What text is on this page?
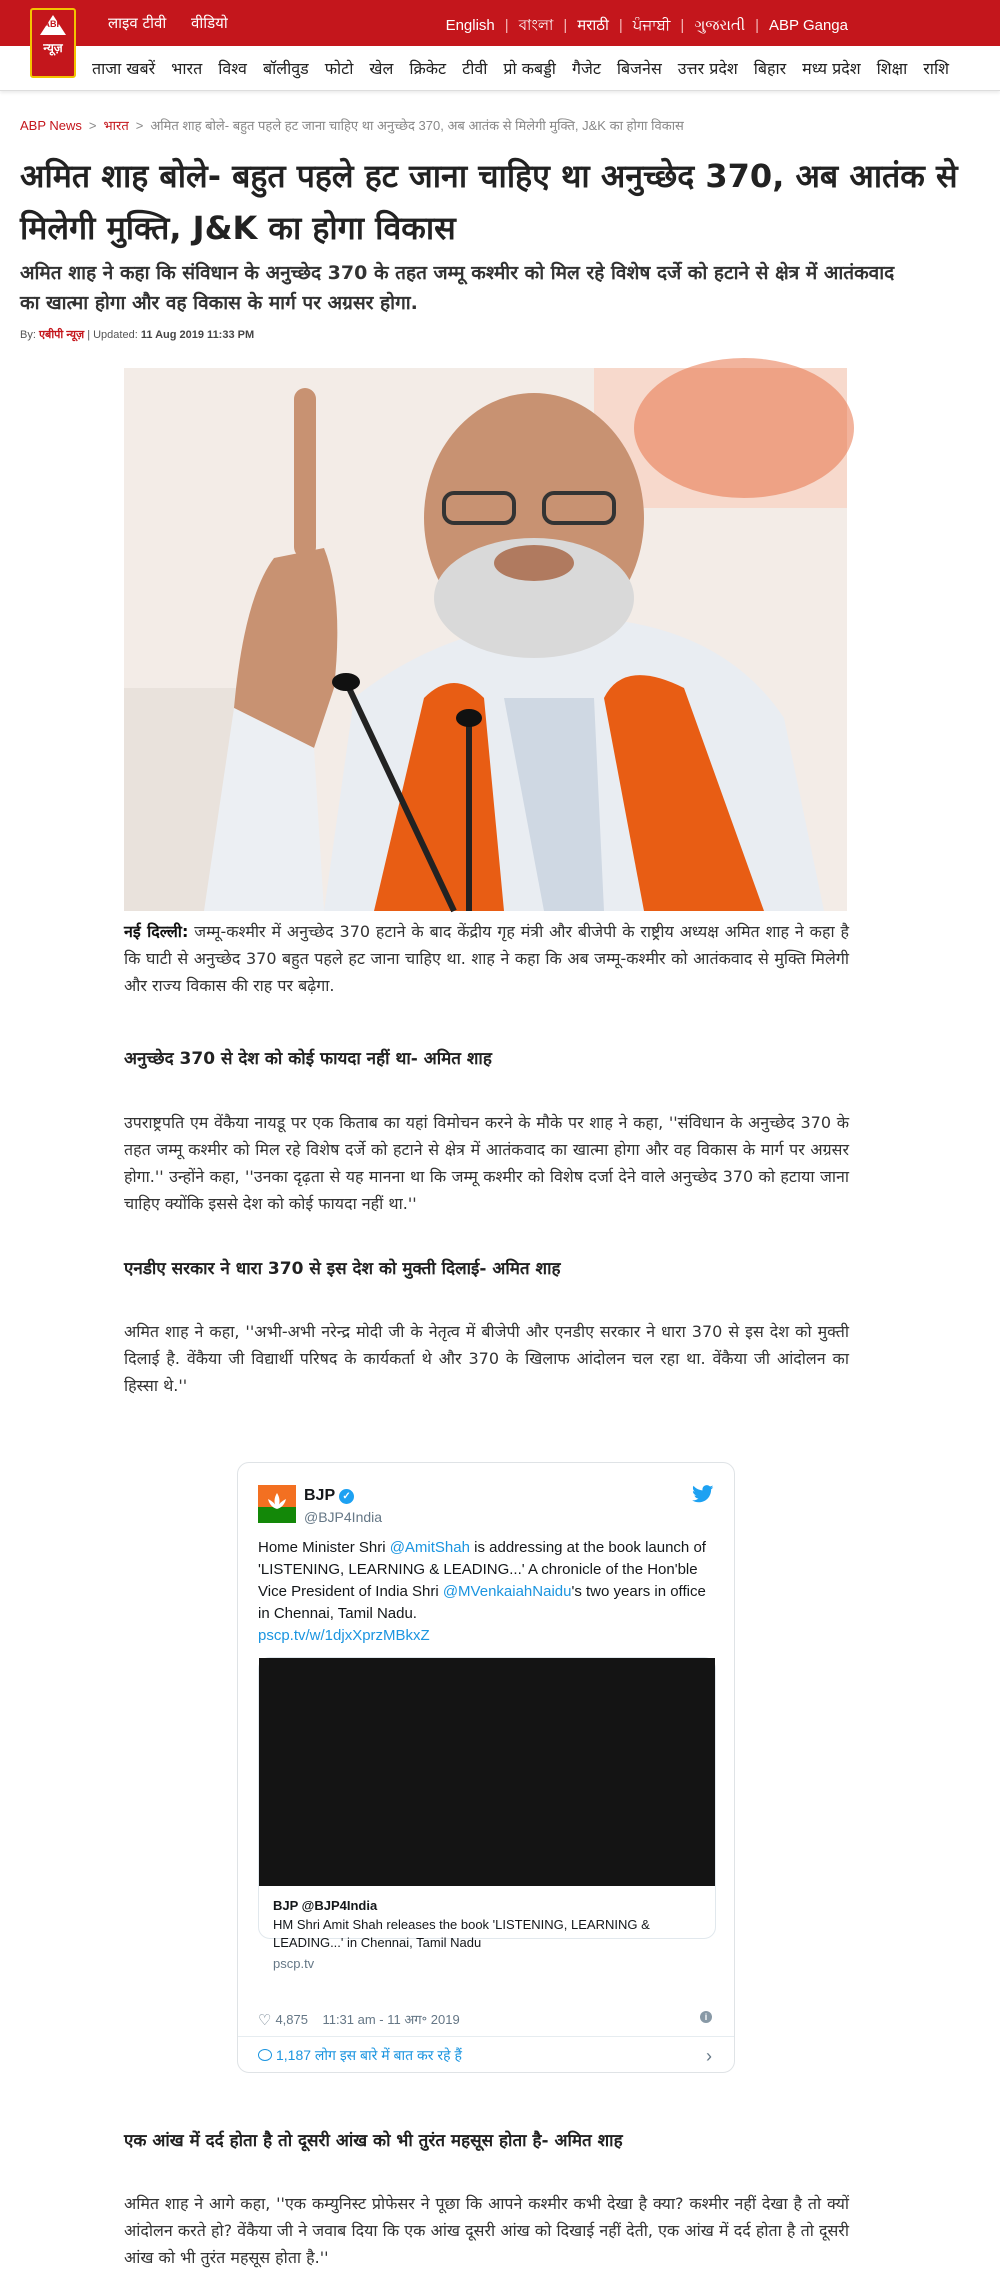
लाइव टीवी वीडियो	English | বাংলা | मराठी | ਪੰਜਾਬੀ | ગુજરાતી | ABP Ganga
ABP
न्यूज़
ताजा खबरें भारत विश्व बॉलीवुड फोटो खेल क्रिकेट टीवी प्रो कबड्डी गैजेट बिजनेस उत्तर प्रदेश बिहार मध्य प्रदेश शिक्षा राशि
ABP News > भारत > अमित शाह बोले- बहुत पहले हट जाना चाहिए था अनुच्छेद 370, अब आतंक से मिलेगी मुक्ति, J&K का होगा विकास
अमित शाह बोले- बहुत पहले हट जाना चाहिए था अनुच्छेद 370, अब आतंक से मिलेगी मुक्ति, J&K का होगा विकास

अमित शाह ने कहा कि संविधान के अनुच्छेद 370 के तहत जम्मू कश्मीर को मिल रहे विशेष दर्जे को हटाने से क्षेत्र में आतंकवाद का खात्मा होगा और वह विकास के मार्ग पर अग्रसर होगा.

By: एबीपी न्यूज़ | Updated: 11 Aug 2019 11:33 PM

नई दिल्ली: जम्मू-कश्मीर में अनुच्छेद 370 हटाने के बाद केंद्रीय गृह मंत्री और बीजेपी के राष्ट्रीय अध्यक्ष अमित शाह ने कहा है कि घाटी से अनुच्छेद 370 बहुत पहले हट जाना चाहिए था. शाह ने कहा कि अब जम्मू-कश्मीर को आतंकवाद से मुक्ति मिलेगी और राज्य विकास की राह पर बढ़ेगा.

अनुच्छेद 370 से देश को कोई फायदा नहीं था- अमित शाह

उपराष्ट्रपति एम वेंकैया नायडू पर एक किताब का यहां विमोचन करने के मौके पर शाह ने कहा, ''संविधान के अनुच्छेद 370 के तहत जम्मू कश्मीर को मिल रहे विशेष दर्जे को हटाने से क्षेत्र में आतंकवाद का खात्मा होगा और वह विकास के मार्ग पर अग्रसर होगा.'' उन्होंने कहा, ''उनका दृढ़ता से यह मानना था कि जम्मू कश्मीर को विशेष दर्जा देने वाले अनुच्छेद 370 को हटाया जाना चाहिए क्योंकि इससे देश को कोई फायदा नहीं था.''

एनडीए सरकार ने धारा 370 से इस देश को मुक्ती दिलाई- अमित शाह

अमित शाह ने कहा, ''अभी-अभी नरेन्द्र मोदी जी के नेतृत्व में बीजेपी और एनडीए सरकार ने धारा 370 से इस देश को मुक्ती दिलाई है. वेंकैया जी विद्यार्थी परिषद के कार्यकर्ता थे और 370 के खिलाफ आंदोलन चल रहा था. वेंकैया जी आंदोलन का हिस्सा थे.''

BJP ✓
@BJP4India

Home Minister Shri @AmitShah is addressing at the book launch of 'LISTENING, LEARNING & LEADING...' A chronicle of the Hon'ble Vice President of India Shri @MVenkaiahNaidu's two years in office in Chennai, Tamil Nadu.
pscp.tv/w/1djxXprzMBkxZ

BJP @BJP4India
HM Shri Amit Shah releases the book 'LISTENING, LEARNING & LEADING...' in Chennai, Tamil Nadu
pscp.tv
♡ 4,875 11:31 am - 11 अग॰ 2019	i
1,187 लोग इस बारे में बात कर रहे हैं	›
एक आंख में दर्द होता है तो दूसरी आंख को भी तुरंत महसूस होता है- अमित शाह

अमित शाह ने आगे कहा, ''एक कम्युनिस्ट प्रोफेसर ने पूछा कि आपने कश्मीर कभी देखा है क्या? कश्मीर नहीं देखा है तो क्यों आंदोलन करते हो? वेंकैया जी ने जवाब दिया कि एक आंख दूसरी आंख को दिखाई नहीं देती, एक आंख में दर्द होता है तो दूसरी आंख को भी तुरंत महसूस होता है.''
